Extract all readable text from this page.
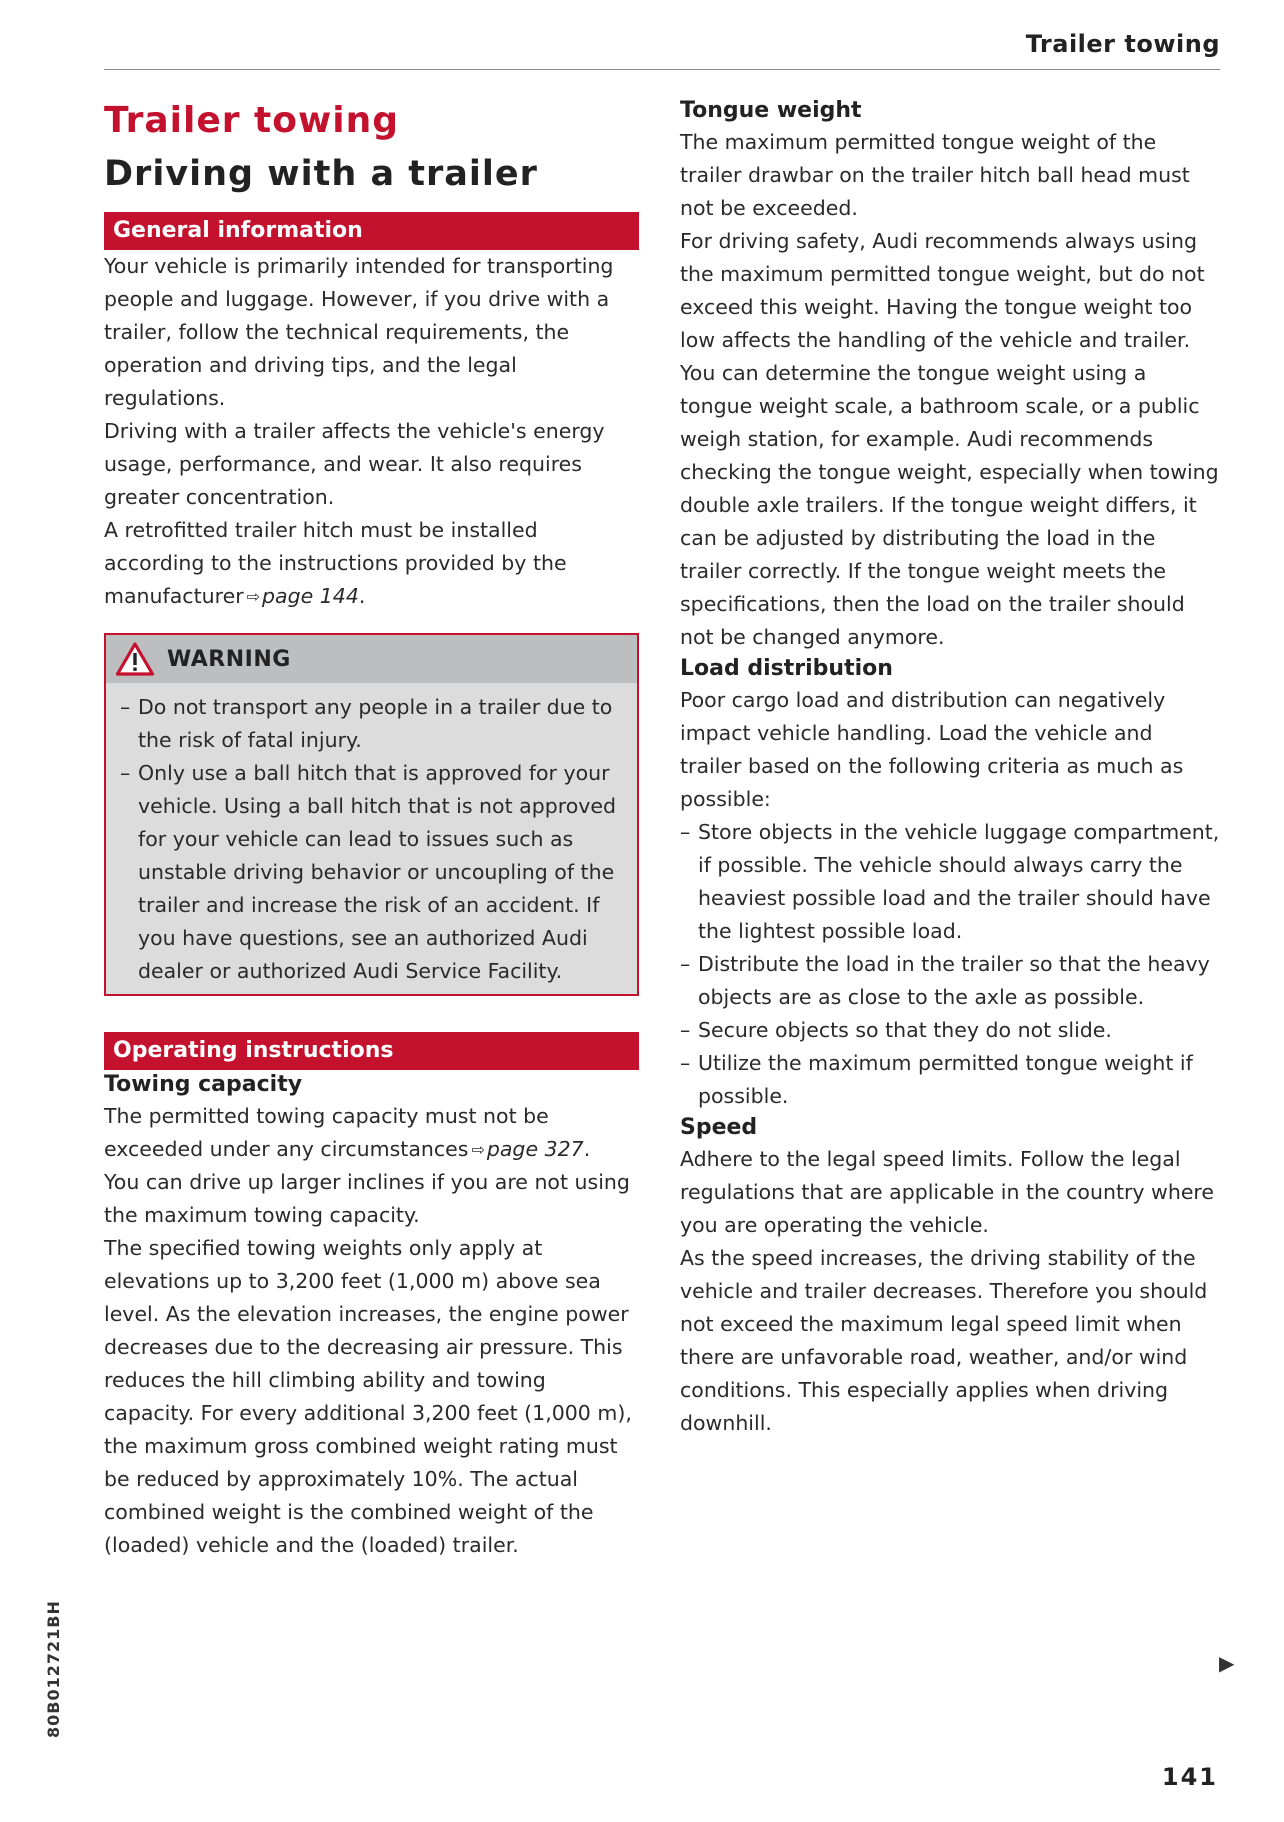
Trailer towing
Trailer towing
Driving with a trailer
General information

Your vehicle is primarily intended for transporting people and luggage. However, if you drive with a trailer, follow the technical requirements, the operation and driving tips, and the legal regulations.

Driving with a trailer affects the vehicle's energy usage, performance, and wear. It also requires greater concentration.

A retrofitted trailer hitch must be installed according to the instructions provided by the manufacturer ⇨page 144.

WARNING
– Do not transport any people in a trailer due to the risk of fatal injury.
– Only use a ball hitch that is approved for your vehicle. Using a ball hitch that is not approved for your vehicle can lead to issues such as unstable driving behavior or uncoupling of the trailer and increase the risk of an accident. If you have questions, see an authorized Audi dealer or authorized Audi Service Facility.
Operating instructions
Towing capacity

The permitted towing capacity must not be exceeded under any circumstances ⇨page 327.

You can drive up larger inclines if you are not using the maximum towing capacity.

The specified towing weights only apply at elevations up to 3,200 feet (1,000 m) above sea level. As the elevation increases, the engine power decreases due to the decreasing air pressure. This reduces the hill climbing ability and towing capacity. For every additional 3,200 feet (1,000 m), the maximum gross combined weight rating must be reduced by approximately 10%. The actual combined weight is the combined weight of the (loaded) vehicle and the (loaded) trailer.

Tongue weight

The maximum permitted tongue weight of the trailer drawbar on the trailer hitch ball head must not be exceeded.

For driving safety, Audi recommends always using the maximum permitted tongue weight, but do not exceed this weight. Having the tongue weight too low affects the handling of the vehicle and trailer.

You can determine the tongue weight using a tongue weight scale, a bathroom scale, or a public weigh station, for example. Audi recommends checking the tongue weight, especially when towing double axle trailers. If the tongue weight differs, it can be adjusted by distributing the load in the trailer correctly. If the tongue weight meets the specifications, then the load on the trailer should not be changed anymore.

Load distribution

Poor cargo load and distribution can negatively impact vehicle handling. Load the vehicle and trailer based on the following criteria as much as possible:

– Store objects in the vehicle luggage compartment, if possible. The vehicle should always carry the heaviest possible load and the trailer should have the lightest possible load.
– Distribute the load in the trailer so that the heavy objects are as close to the axle as possible.
– Secure objects so that they do not slide.
– Utilize the maximum permitted tongue weight if possible.
Speed

Adhere to the legal speed limits. Follow the legal regulations that are applicable in the country where you are operating the vehicle.

As the speed increases, the driving stability of the vehicle and trailer decreases. Therefore you should not exceed the maximum legal speed limit when there are unfavorable road, weather, and/or wind conditions. This especially applies when driving downhill.

▶
80B012721BH
141
